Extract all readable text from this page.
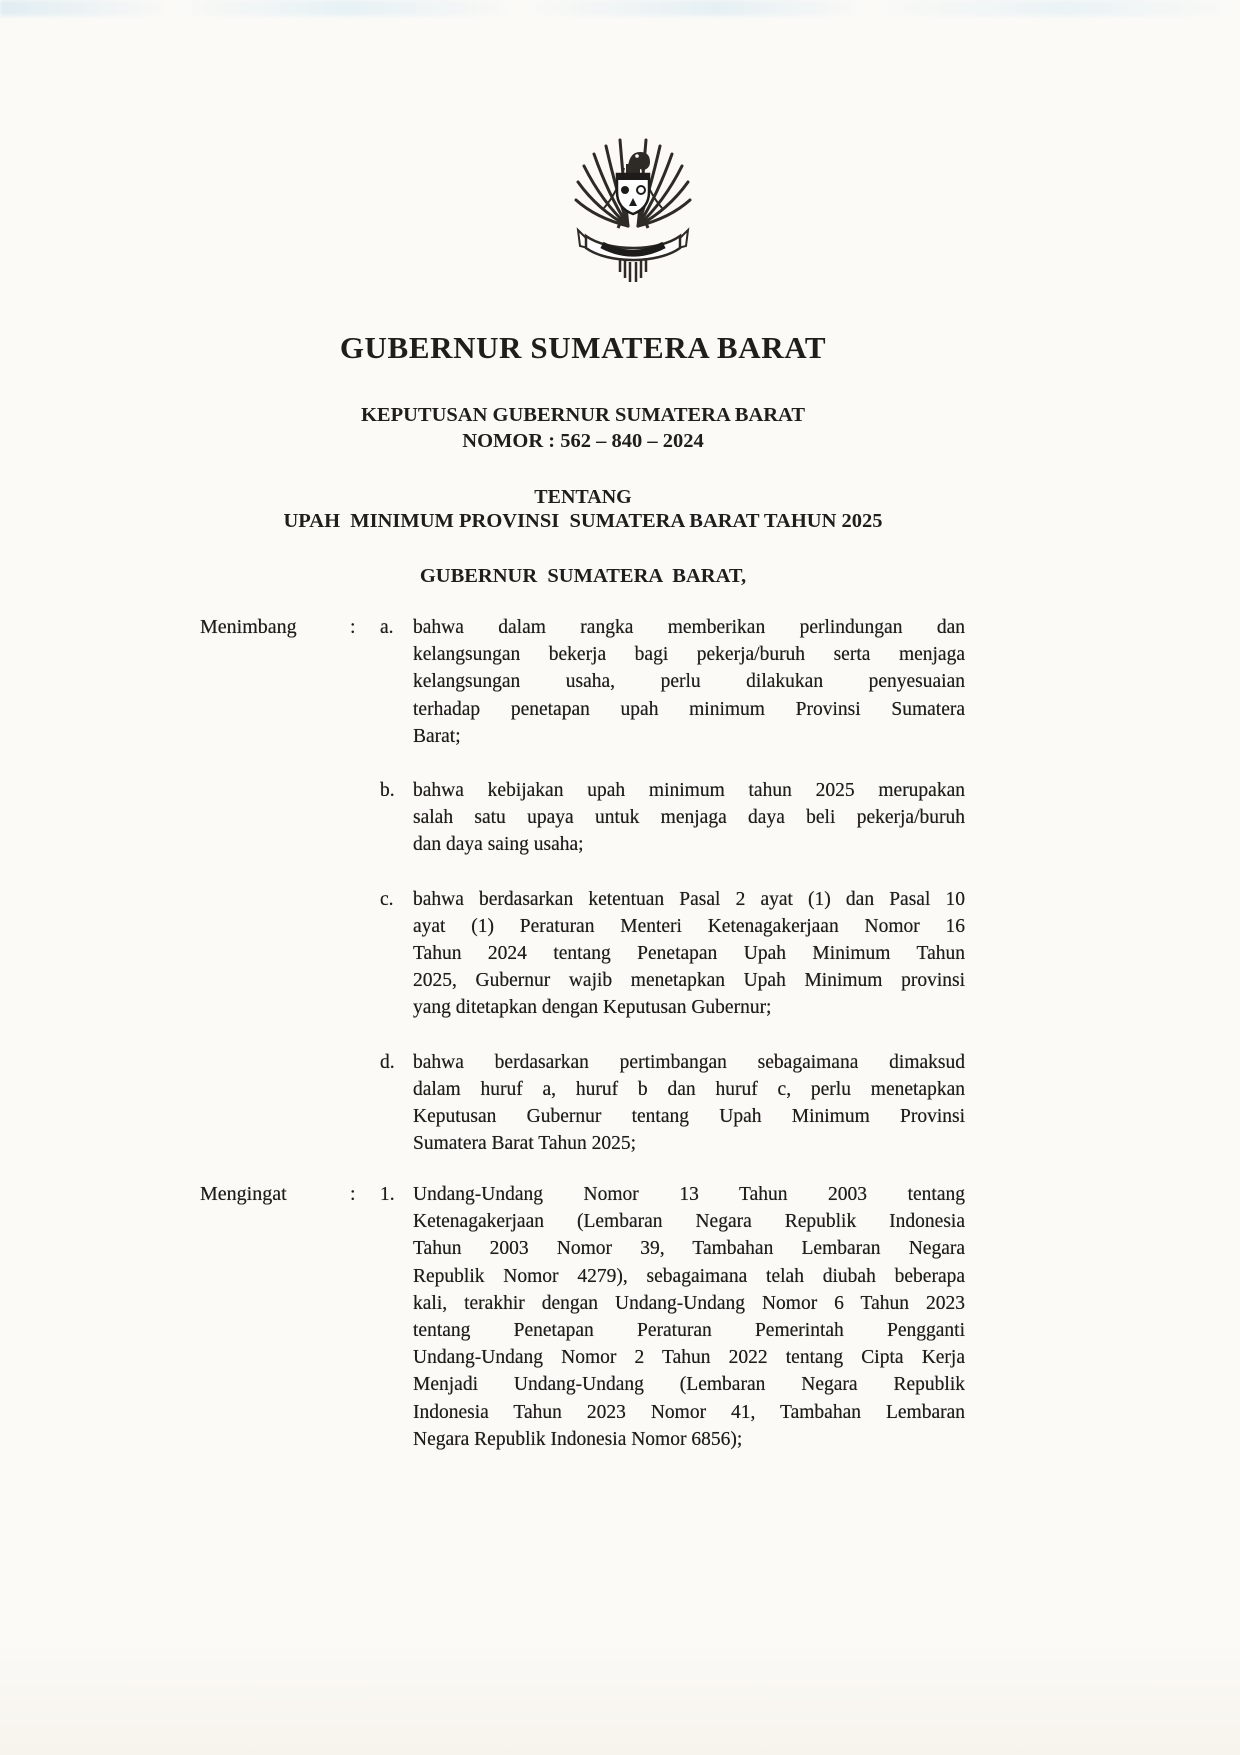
GUBERNUR SUMATERA BARAT
KEPUTUSAN GUBERNUR SUMATERA BARAT
NOMOR : 562 – 840 – 2024
TENTANG
UPAH  MINIMUM PROVINSI  SUMATERA BARAT TAHUN 2025
GUBERNUR  SUMATERA  BARAT,
Menimbang	:	a. bahwa dalam rangka memberikan perlindungan dan
kelangsungan bekerja bagi pekerja/buruh serta menjaga
kelangsungan usaha, perlu dilakukan penyesuaian
terhadap penetapan upah minimum Provinsi Sumatera
Barat;
b. bahwa kebijakan upah minimum tahun 2025 merupakan
salah satu upaya untuk menjaga daya beli pekerja/buruh
dan daya saing usaha;
c. bahwa berdasarkan ketentuan Pasal 2 ayat (1) dan Pasal 10
ayat (1) Peraturan Menteri Ketenagakerjaan Nomor 16
Tahun 2024 tentang Penetapan Upah Minimum Tahun
2025, Gubernur wajib menetapkan Upah Minimum provinsi
yang ditetapkan dengan Keputusan Gubernur;
d. bahwa berdasarkan pertimbangan sebagaimana dimaksud
dalam huruf a, huruf b dan huruf c, perlu menetapkan
Keputusan Gubernur tentang Upah Minimum Provinsi
Sumatera Barat Tahun 2025;
Mengingat	:	1. Undang-Undang Nomor 13 Tahun 2003 tentang
Ketenagakerjaan (Lembaran Negara Republik Indonesia
Tahun 2003 Nomor 39, Tambahan Lembaran Negara
Republik Nomor 4279), sebagaimana telah diubah beberapa
kali, terakhir dengan Undang-Undang Nomor 6 Tahun 2023
tentang Penetapan Peraturan Pemerintah Pengganti
Undang-Undang Nomor 2 Tahun 2022 tentang Cipta Kerja
Menjadi Undang-Undang (Lembaran Negara Republik
Indonesia Tahun 2023 Nomor 41, Tambahan Lembaran
Negara Republik Indonesia Nomor 6856);
